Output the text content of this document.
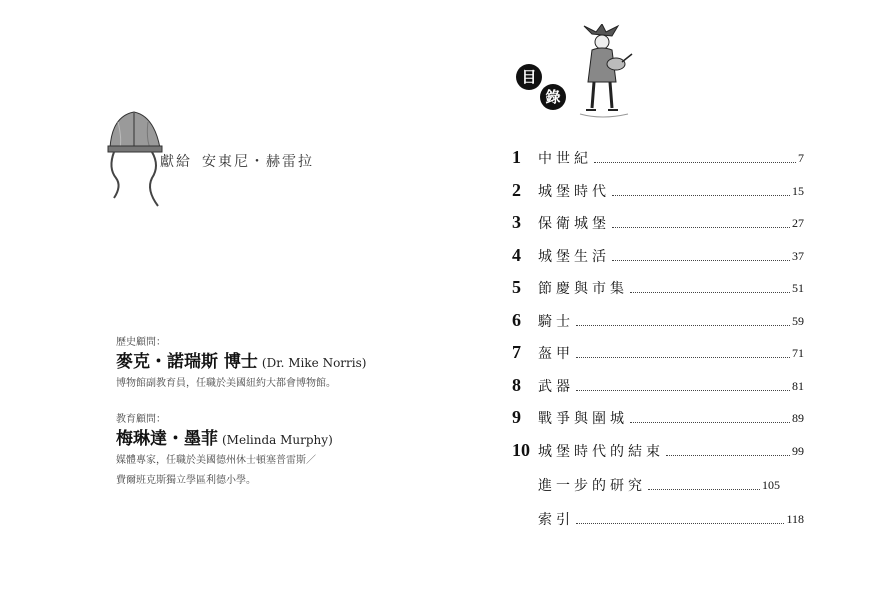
獻給 安東尼・赫雷拉
歷史顧問：
麥克・諾瑞斯 博士 (Dr. Mike Norris)
博物館副教育員，任職於美國紐約大都會博物館。
教育顧問：
梅琳達・墨菲 (Melinda Murphy)
媒體專家，任職於美國德州休士頓塞普雷斯／
費爾班克斯獨立學區利德小學。
目
錄
1	中世紀	7
2	城堡時代	15
3	保衛城堡	27
4	城堡生活	37
5	節慶與市集	51
6	騎士	59
7	盔甲	71
8	武器	81
9	戰爭與圍城	89
10 城堡時代的結束	99
進一步的研究	105
索引	118
